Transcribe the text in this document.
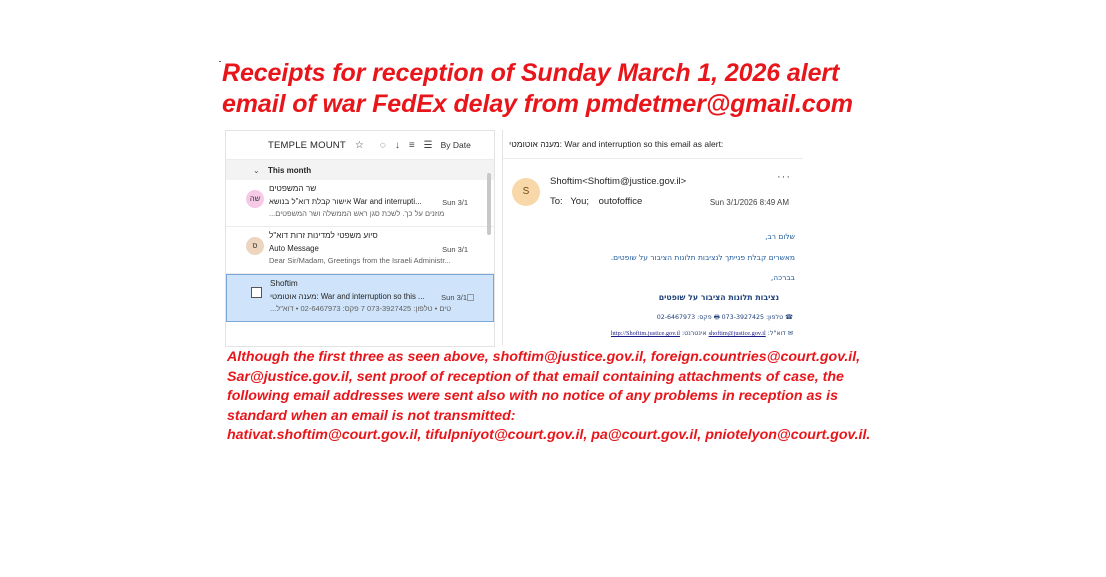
Receipts for reception of Sunday March 1, 2026 alert
email of war FedEx delay from pmdetmer@gmail.com
TEMPLE MOUNT ☆ ◌ ↓ ≡ ☰ By Date
⌄ This month
שה
שר המשפטים
אישור קבלת דוא"ל בנושא War and interrupti...	Sun 3/1
...מוזנים על כך. לשכת סגן ראש הממשלה ושר המשפטים
ס
סיוע משפטי למדינות זרות דוא"ל
Auto Message	Sun 3/1
Dear Sir/Madam, Greetings from the Israeli Administr...
Shoftim
מענה אוטומטי: War and interruption so this ...	Sun 3/1
...טים • טלפון: 073-3927425 7 פקס: 02-6467973 • דוא"ל
מענה אוטומטי: War and interruption so this email as alert:
S
Shoftim<Shoftim@justice.gov.il>	···
To: You; outofoffice	Sun 3/1/2026 8:49 AM
שלום רב,
מאשרים קבלת פנייתך לנציבות תלונות הציבור על שופטים.
בברכה,
נציבות תלונות הציבור על שופטים
☎ טלפון: 073-3927425 🖶 פקס: 02-6467973
✉ דוא"ל: shoftim@justice.gov.il אינטרנט: http://Shoftim.justice.gov.il
Although the first three as seen above, shoftim@justice.gov.il, foreign.countries@court.gov.il,
Sar@justice.gov.il, sent proof of reception of that email containing attachments of case, the
following email addresses were sent also with no notice of any problems in reception as is
standard when an email is not transmitted:
hativat.shoftim@court.gov.il, tifulpniyot@court.gov.il, pa@court.gov.il, pniotelyon@court.gov.il.
